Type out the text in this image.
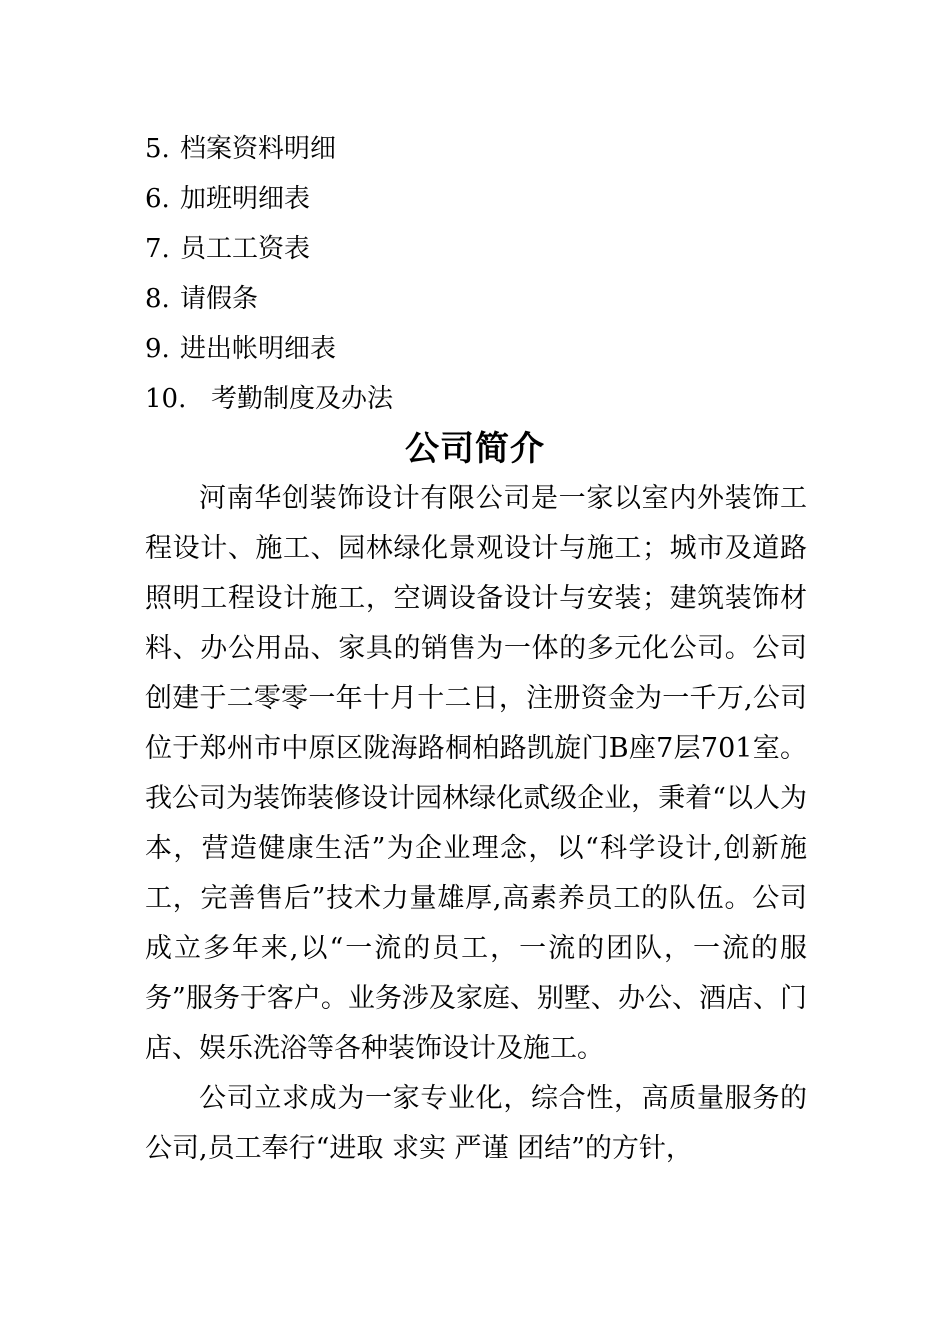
5. 档案资料明细
6. 加班明细表
7. 员工工资表
8. 请假条
9. 进出帐明细表
10. 考勤制度及办法
公司简介

河南华创装饰设计有限公司是一家以室内外装饰工程设计、施工、园林绿化景观设计与施工；城市及道路照明工程设计施工，空调设备设计与安装；建筑装饰材料、办公用品、家具的销售为一体的多元化公司。公司创建于二零零一年十月十二日，注册资金为一千万,公司位于郑州市中原区陇海路桐柏路凯旋门B座7层701室。我公司为装饰装修设计园林绿化贰级企业，秉着“以人为本，营造健康生活”为企业理念，以“科学设计,创新施工，完善售后”技术力量雄厚,高素养员工的队伍。公司成立多年来,以“一流的员工，一流的团队，一流的服务”服务于客户。业务涉及家庭、别墅、办公、酒店、门店、娱乐洗浴等各种装饰设计及施工。

公司立求成为一家专业化，综合性，高质量服务的公司,员工奉行“进取 求实 严谨 团结”的方针，
